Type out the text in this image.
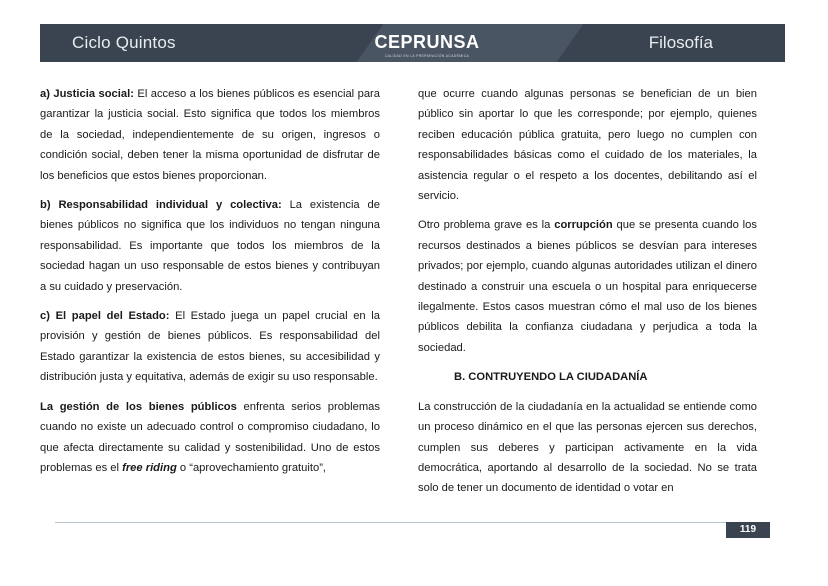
Ciclo Quintos	CEPRUNSA
CALIDAD EN LA PREPARACIÓN ACADÉMICA
Filosofía

a) Justicia social: El acceso a los bienes públicos es esencial para garantizar la justicia social. Esto significa que todos los miembros de la sociedad, independientemente de su origen, ingresos o condición social, deben tener la misma oportunidad de disfrutar de los beneficios que estos bienes proporcionan.

b) Responsabilidad individual y colectiva: La existencia de bienes públicos no significa que los individuos no tengan ninguna responsabilidad. Es importante que todos los miembros de la sociedad hagan un uso responsable de estos bienes y contribuyan a su cuidado y preservación.

c) El papel del Estado: El Estado juega un papel crucial en la provisión y gestión de bienes públicos. Es responsabilidad del Estado garantizar la existencia de estos bienes, su accesibilidad y distribución justa y equitativa, además de exigir su uso responsable.

La gestión de los bienes públicos enfrenta serios problemas cuando no existe un adecuado control o compromiso ciudadano, lo que afecta directamente su calidad y sostenibilidad. Uno de estos problemas es el free riding o “aprovechamiento gratuito”,

que ocurre cuando algunas personas se benefician de un bien público sin aportar lo que les corresponde; por ejemplo, quienes reciben educación pública gratuita, pero luego no cumplen con responsabilidades básicas como el cuidado de los materiales, la asistencia regular o el respeto a los docentes, debilitando así el servicio.

Otro problema grave es la corrupción que se presenta cuando los recursos destinados a bienes públicos se desvían para intereses privados; por ejemplo, cuando algunas autoridades utilizan el dinero destinado a construir una escuela o un hospital para enriquecerse ilegalmente. Estos casos muestran cómo el mal uso de los bienes públicos debilita la confianza ciudadana y perjudica a toda la sociedad.

B. CONTRUYENDO LA CIUDADANÍA

La construcción de la ciudadanía en la actualidad se entiende como un proceso dinámico en el que las personas ejercen sus derechos, cumplen sus deberes y participan activamente en la vida democrática, aportando al desarrollo de la sociedad. No se trata solo de tener un documento de identidad o votar en

119
